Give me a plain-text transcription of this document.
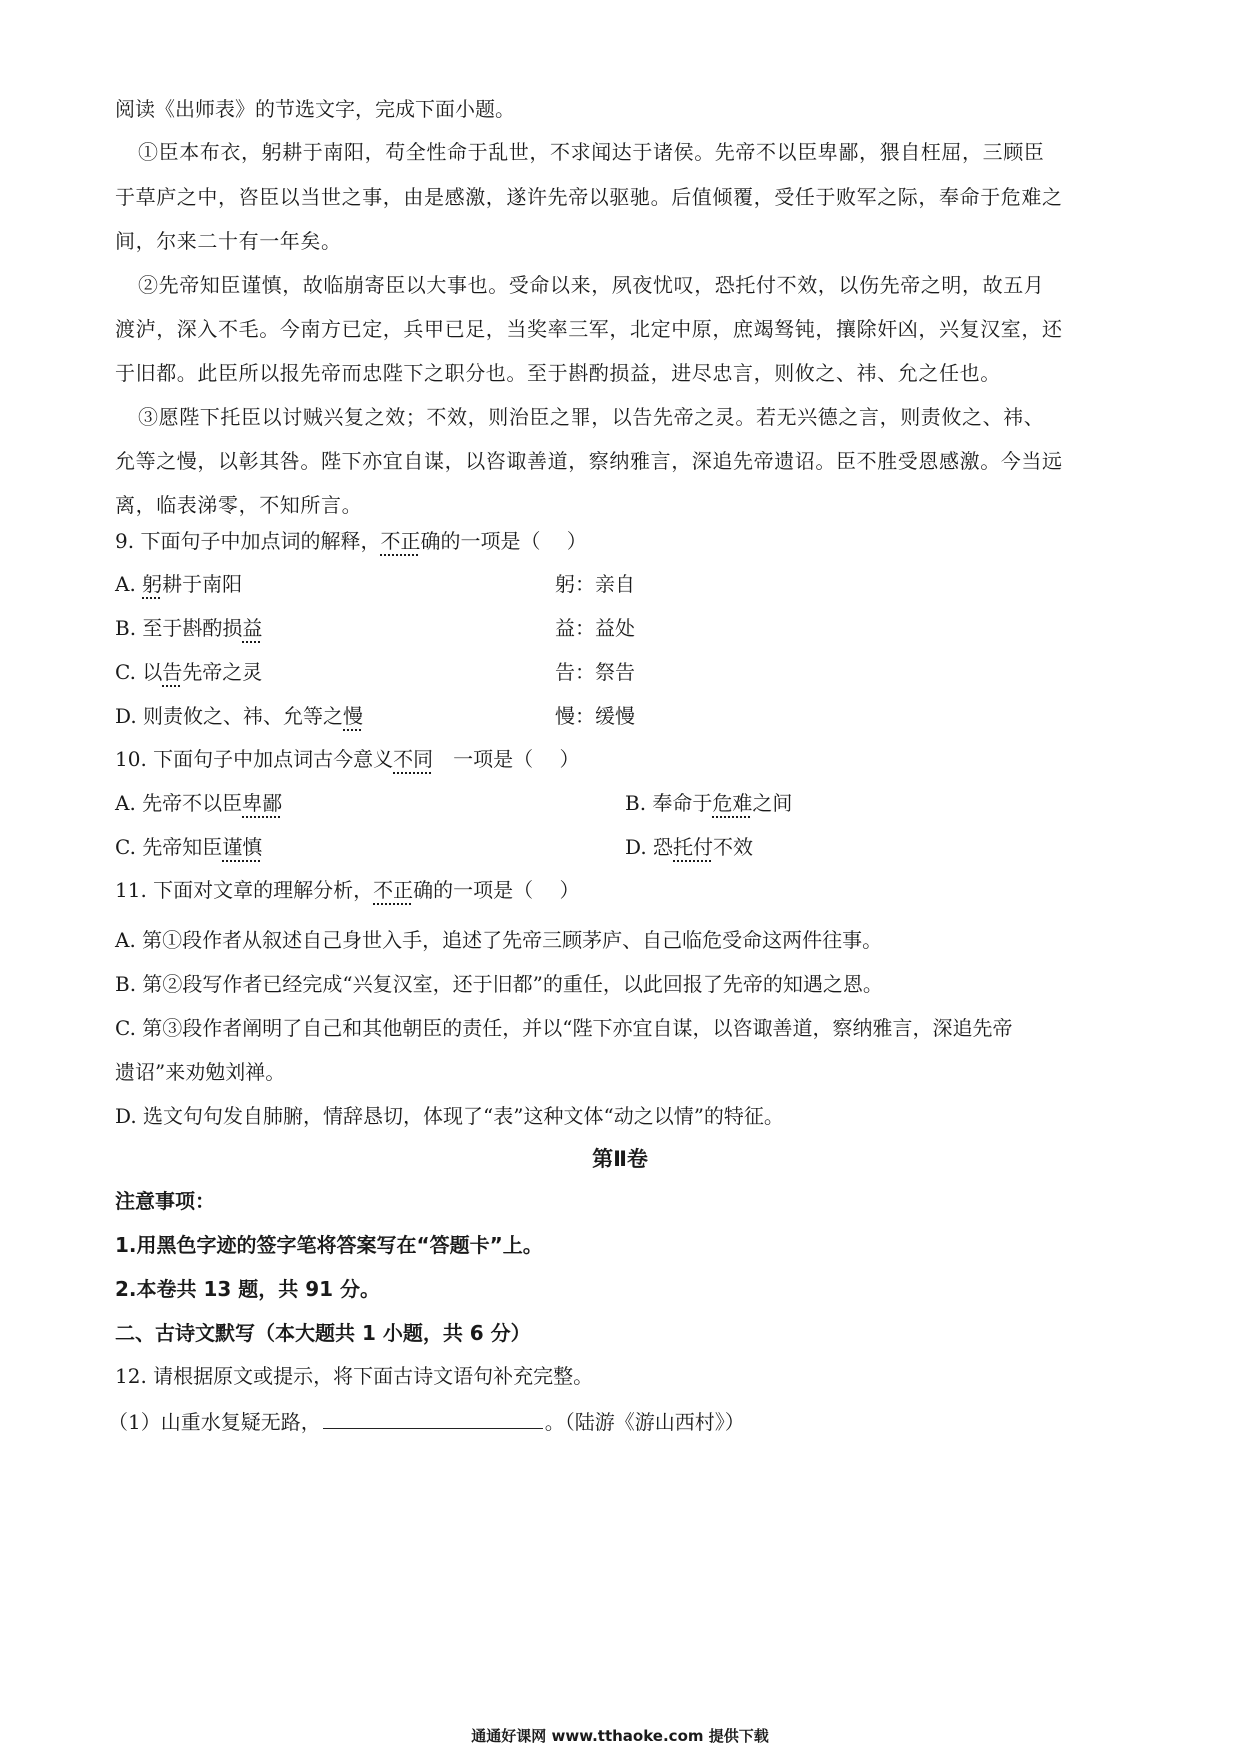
阅读《出师表》的节选文字，完成下面小题。
①臣本布衣，躬耕于南阳，苟全性命于乱世，不求闻达于诸侯。先帝不以臣卑鄙，猥自枉屈，三顾臣
于草庐之中，咨臣以当世之事，由是感激，遂许先帝以驱驰。后值倾覆，受任于败军之际，奉命于危难之
间，尔来二十有一年矣。
②先帝知臣谨慎，故临崩寄臣以大事也。受命以来，夙夜忧叹，恐托付不效，以伤先帝之明，故五月
渡泸，深入不毛。今南方已定，兵甲已足，当奖率三军，北定中原，庶竭驽钝，攘除奸凶，兴复汉室，还
于旧都。此臣所以报先帝而忠陛下之职分也。至于斟酌损益，进尽忠言，则攸之、祎、允之任也。
③愿陛下托臣以讨贼兴复之效；不效，则治臣之罪，以告先帝之灵。若无兴德之言，则责攸之、祎、
允等之慢，以彰其咎。陛下亦宜自谋，以咨诹善道，察纳雅言，深追先帝遗诏。臣不胜受恩感激。今当远
离，临表涕零，不知所言。
9. 下面句子中加点词的解释，不正确的一项是（　 ）
A. 躬耕于南阳	躬：亲自
B. 至于斟酌损益	益：益处
C. 以告先帝之灵	告：祭告
D. 则责攸之、祎、允等之慢	慢：缓慢
10. 下面句子中加点词古今意义不同　一项是（　 ）
A. 先帝不以臣卑鄙	B. 奉命于危难之间
C. 先帝知臣谨慎	D. 恐托付不效
11. 下面对文章的理解分析，不正确的一项是（　 ）
A. 第①段作者从叙述自己身世入手，追述了先帝三顾茅庐、自己临危受命这两件往事。
B. 第②段写作者已经完成“兴复汉室，还于旧都”的重任，以此回报了先帝的知遇之恩。
C. 第③段作者阐明了自己和其他朝臣的责任，并以“陛下亦宜自谋，以咨诹善道，察纳雅言，深追先帝
遗诏”来劝勉刘禅。
D. 选文句句发自肺腑，情辞恳切，体现了“表”这种文体“动之以情”的特征。
第Ⅱ卷
注意事项：
1.用黑色字迹的签字笔将答案写在“答题卡”上。
2.本卷共 13 题，共 91 分。
二、古诗文默写（本大题共 1 小题，共 6 分）
12. 请根据原文或提示，将下面古诗文语句补充完整。
（1）山重水复疑无路，	。（陆游《游山西村》）
通通好课网 www.tthaoke.com 提供下载
